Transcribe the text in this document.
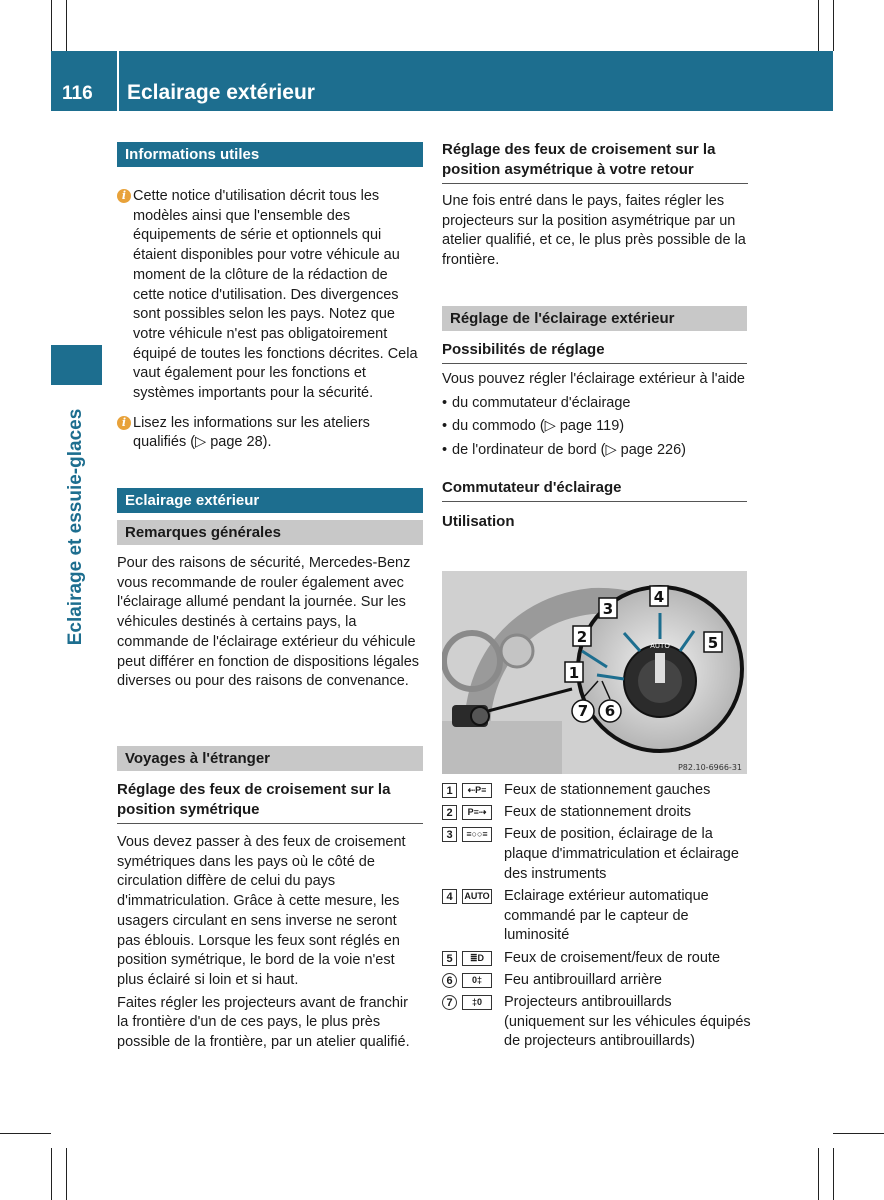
116 Eclairage extérieur
Eclairage et essuie-glaces
Informations utiles
i Cette notice d'utilisation décrit tous les modèles ainsi que l'ensemble des équipements de série et optionnels qui étaient disponibles pour votre véhicule au moment de la clôture de la rédaction de cette notice d'utilisation. Des divergences sont possibles selon les pays. Notez que votre véhicule n'est pas obligatoirement équipé de toutes les fonctions décrites. Cela vaut également pour les fonctions et systèmes importants pour la sécurité.

i Lisez les informations sur les ateliers qualifiés (▷ page 28).

Eclairage extérieur
Remarques générales

Pour des raisons de sécurité, Mercedes-Benz vous recommande de rouler également avec l'éclairage allumé pendant la journée. Sur les véhicules destinés à certains pays, la commande de l'éclairage extérieur du véhicule peut différer en fonction de dispositions légales diverses ou pour des raisons de convenance.

Voyages à l'étranger
Réglage des feux de croisement sur la position symétrique

Vous devez passer à des feux de croisement symétriques dans les pays où le côté de circulation diffère de celui du pays d'immatriculation. Grâce à cette mesure, les usagers circulant en sens inverse ne seront pas éblouis. Lorsque les feux sont réglés en position symétrique, le bord de la voie n'est plus éclairé si loin et si haut.

Faites régler les projecteurs avant de franchir la frontière d'un de ces pays, le plus près possible de la frontière, par un atelier qualifié.

Réglage des feux de croisement sur la position asymétrique à votre retour

Une fois entré dans le pays, faites régler les projecteurs sur la position asymétrique par un atelier qualifié, et ce, le plus près possible de la frontière.

Réglage de l'éclairage extérieur
Possibilités de réglage

Vous pouvez régler l'éclairage extérieur à l'aide

• du commutateur d'éclairage
• du commodo (▷ page 119)
• de l'ordinateur de bord (▷ page 226)
Commutateur d'éclairage
Utilisation
AUTO
1
2
3
4
5
6
7
P82.10-6966-31
1	⇠P≡	Feux de stationnement gauches
2	P≡⇢	Feux de stationnement droits
3	≡○○≡ Feux de position, éclairage de la plaque d'immatriculation et éclairage des instruments
4	AUTO Eclairage extérieur automatique commandé par le capteur de luminosité
5	≣D	Feux de croisement/feux de route
6	0‡	Feu antibrouillard arrière
7	‡0	Projecteurs antibrouillards (uniquement sur les véhicules équipés de projecteurs antibrouillards)
